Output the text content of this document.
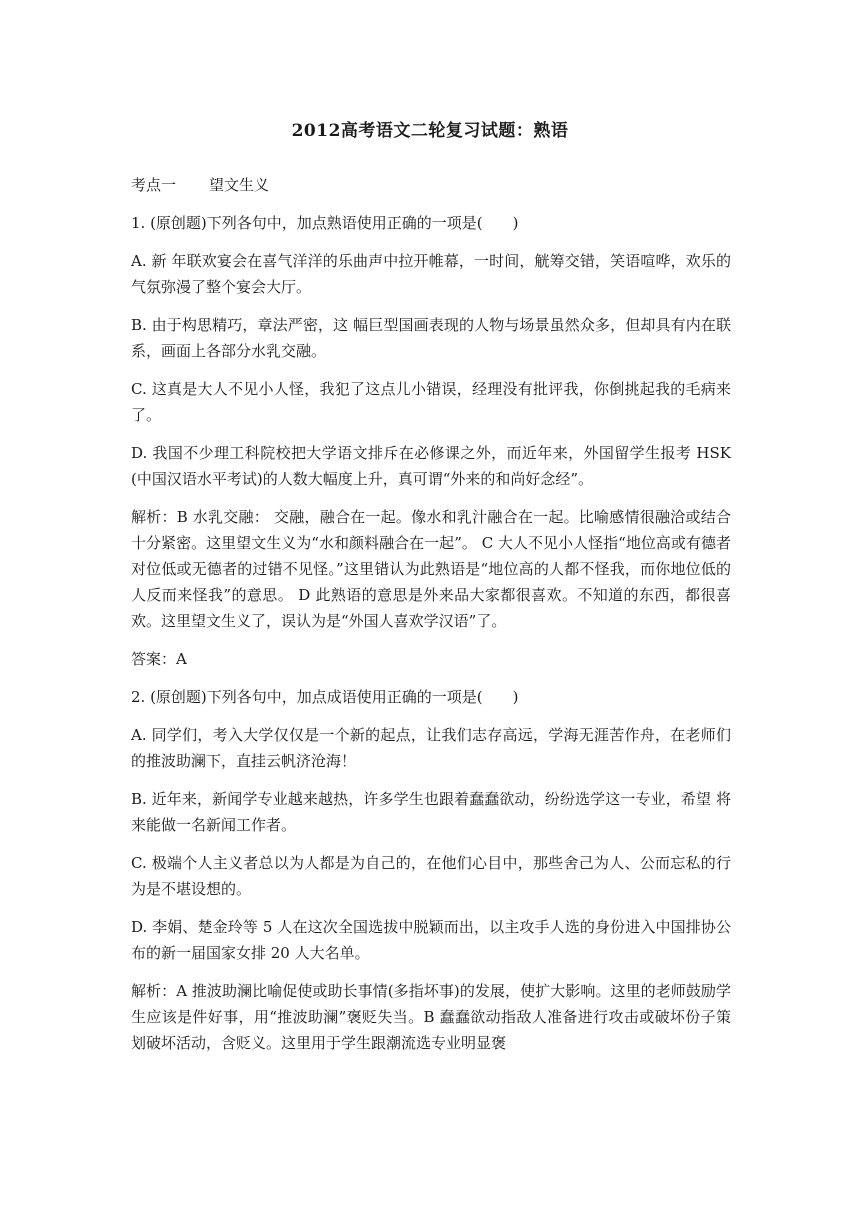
2012高考语文二轮复习试题：熟语
考点一 望文生义

1. (原创题)下列各句中，加点熟语使用正确的一项是(　　)

A. 新 年联欢宴会在喜气洋洋的乐曲声中拉开帷幕，一时间，觥筹交错，笑语喧哗，欢乐的气氛弥漫了整个宴会大厅。

B. 由于构思精巧，章法严密，这 幅巨型国画表现的人物与场景虽然众多，但却具有内在联系，画面上各部分水乳交融。

C. 这真是大人不见小人怪，我犯了这点儿小错误，经理没有批评我，你倒挑起我的毛病来了。

D. 我国不少理工科院校把大学语文排斥在必修课之外，而近年来，外国留学生报考 HSK(中国汉语水平考试)的人数大幅度上升，真可谓“外来的和尚好念经”。

解析：B 水乳交融： 交融，融合在一起。像水和乳汁融合在一起。比喻感情很融洽或结合十分紧密。这里望文生义为“水和颜料融合在一起”。 C 大人不见小人怪指“地位高或有德者对位低或无德者的过错不见怪。”这里错认为此熟语是“地位高的人都不怪我，而你地位低的人反而来怪我”的意思。 D 此熟语的意思是外来品大家都很喜欢。不知道的东西，都很喜欢。这里望文生义了，误认为是“外国人喜欢学汉语”了。

答案：A

2. (原创题)下列各句中，加点成语使用正确的一项是(　　)

A. 同学们，考入大学仅仅是一个新的起点，让我们志存高远，学海无涯苦作舟，在老师们的推波助澜下，直挂云帆济沧海！

B. 近年来，新闻学专业越来越热，许多学生也跟着蠢蠢欲动，纷纷选学这一专业，希望 将来能做一名新闻工作者。

C. 极端个人主义者总以为人都是为自己的，在他们心目中，那些舍己为人、公而忘私的行为是不堪设想的。

D. 李娟、楚金玲等 5 人在这次全国选拔中脱颖而出，以主攻手人选的身份进入中国排协公布的新一届国家女排 20 人大名单。

解析：A 推波助澜比喻促使或助长事情(多指坏事)的发展，使扩大影响。这里的老师鼓励学生应该是件好事，用“推波助澜”褒贬失当。B 蠢蠢欲动指敌人准备进行攻击或破坏份子策划破坏活动，含贬义。这里用于学生跟潮流选专业明显褒
